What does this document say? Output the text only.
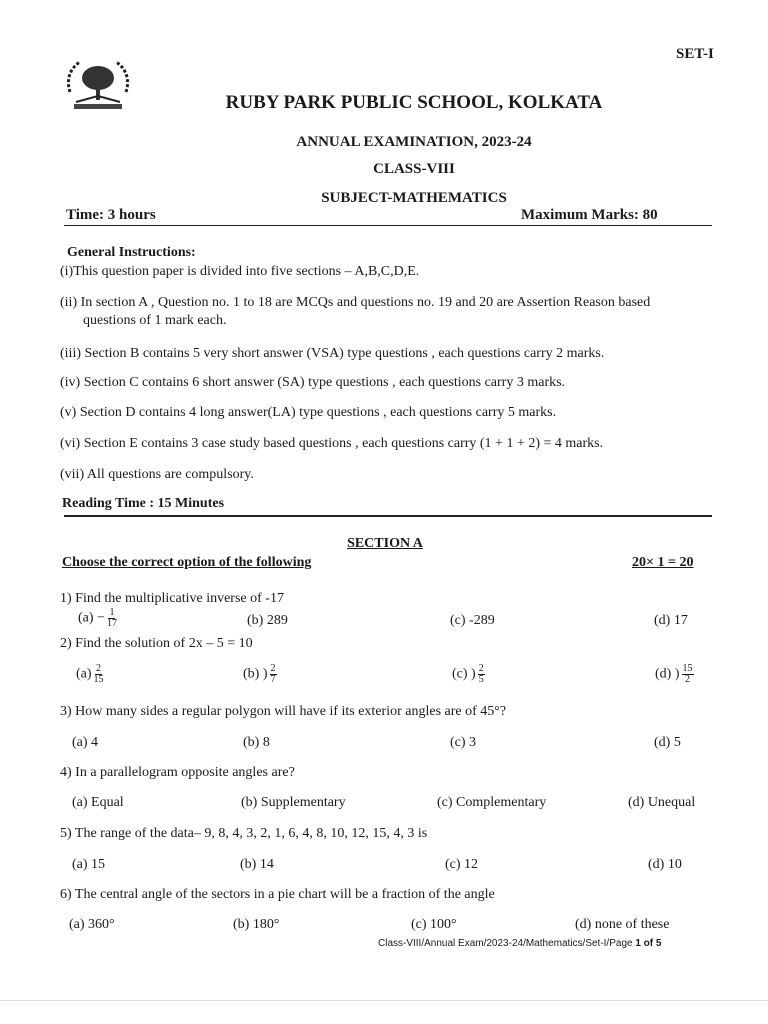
SET-I
RUBY PARK PUBLIC SCHOOL, KOLKATA
ANNUAL EXAMINATION, 2023-24
CLASS-VIII
SUBJECT-MATHEMATICS
Time: 3 hours	Maximum Marks: 80
General Instructions:
(i)This question paper is divided into five sections – A,B,C,D,E.
(ii) In section A , Question no. 1 to 18 are MCQs and questions no. 19 and 20 are Assertion Reason based
questions of 1 mark each.
(iii) Section B contains 5 very short answer (VSA) type questions , each questions carry 2 marks.
(iv) Section C contains 6 short answer (SA) type questions , each questions carry 3 marks.
(v) Section D contains 4 long answer(LA) type questions , each questions carry 5 marks.
(vi) Section E contains 3 case study based questions , each questions carry (1 + 1 + 2) = 4 marks.
(vii) All questions are compulsory.
Reading Time : 15 Minutes
SECTION A
Choose the correct option of the following	20× 1 = 20
1) Find the multiplicative inverse of -17
$(a) - \frac{1}{17}$	(b) 289	(c) -289	(d) 17
2) Find the solution of 2x – 5 = 10
$(a) \frac{2}{15}$	(b) ) $\frac{2}{7}$	(c) ) $\frac{2}{5}$	(d) ) $\frac{15}{2}$
3) How many sides a regular polygon will have if its exterior angles are of 45°?
(a) 4	(b) 8	(c) 3	(d) 5
4) In a parallelogram opposite angles are?
(a) Equal	(b) Supplementary	(c) Complementary	(d) Unequal
5) The range of the data– 9, 8, 4, 3, 2, 1, 6, 4, 8, 10, 12, 15, 4, 3 is
(a) 15	(b) 14	(c) 12	(d) 10
6) The central angle of the sectors in a pie chart will be a fraction of the angle
(a) 360°	(b) 180°	(c) 100°	(d) none of these
Class-VIII/Annual Exam/2023-24/Mathematics/Set-I/Page 1 of 5
